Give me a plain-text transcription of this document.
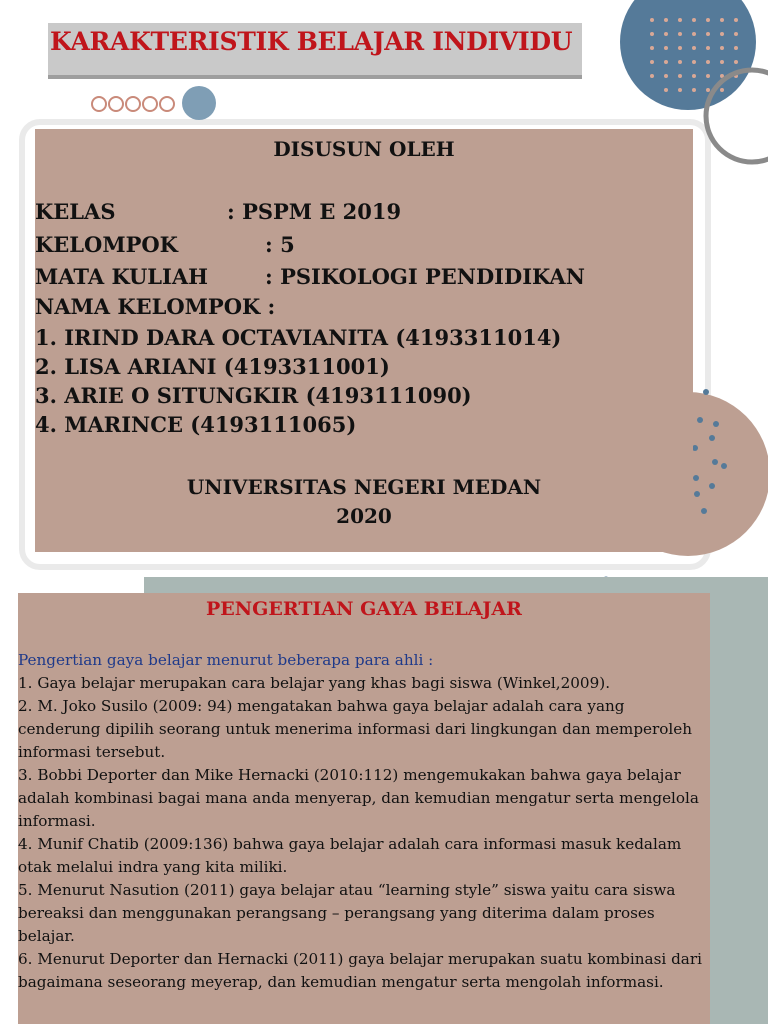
KARAKTERISTIK BELAJAR INDIVIDU
DISUSUN OLEH
KELAS	: PSPM E 2019
KELOMPOK	: 5
MATA KULIAH	: PSIKOLOGI PENDIDIKAN
NAMA KELOMPOK :
1. IRIND DARA OCTAVIANITA (4193311014)
2. LISA ARIANI (4193311001)
3. ARIE O SITUNGKIR (4193111090)
4. MARINCE (4193111065)
UNIVERSITAS NEGERI MEDAN
2020
PENGERTIAN GAYA BELAJAR

Pengertian gaya belajar menurut beberapa para ahli :

1. Gaya belajar merupakan cara belajar yang khas bagi siswa (Winkel,2009).

2. M. Joko Susilo (2009: 94) mengatakan bahwa gaya belajar adalah cara yang cenderung dipilih seorang untuk menerima informasi dari lingkungan dan memperoleh informasi tersebut.

3. Bobbi Deporter dan Mike Hernacki (2010:112) mengemukakan bahwa gaya belajar adalah kombinasi bagai mana anda menyerap, dan kemudian mengatur serta mengelola informasi.

4. Munif Chatib (2009:136) bahwa gaya belajar adalah cara informasi masuk kedalam otak melalui indra yang kita miliki.

5. Menurut Nasution (2011) gaya belajar atau “learning style” siswa yaitu cara siswa bereaksi dan menggunakan perangsang – perangsang yang diterima dalam proses belajar.

6. Menurut Deporter dan Hernacki (2011) gaya belajar merupakan suatu kombinasi dari bagaimana seseorang meyerap, dan kemudian mengatur serta mengolah informasi.
